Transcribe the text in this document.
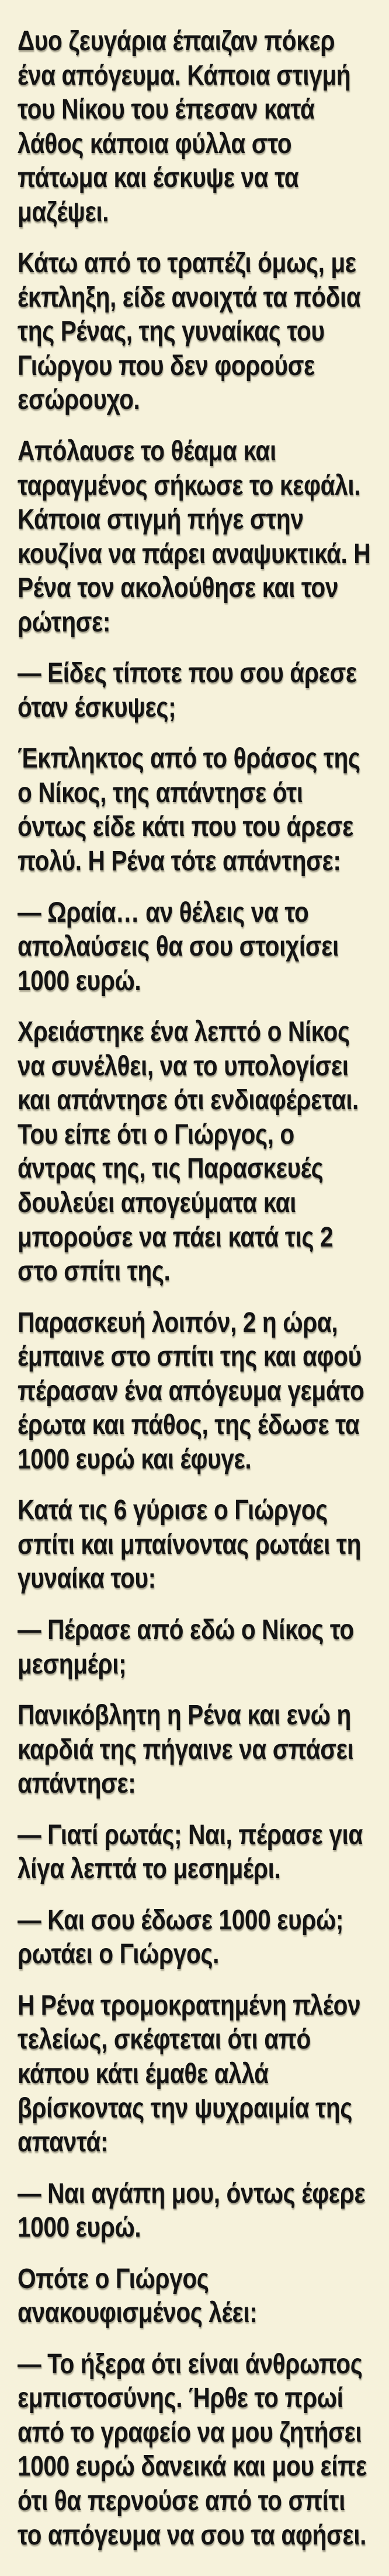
Δυο ζευγάρια έπαιζαν πόκερ ένα απόγευμα. Κάποια στιγμή του Νίκου του έπεσαν κατά λάθος κάποια φύλλα στο πάτωμα και έσκυψε να τα μαζέψει.

Κάτω από το τραπέζι όμως, με έκπληξη, είδε ανοιχτά τα πόδια της Ρένας, της γυναίκας του Γιώργου που δεν φορούσε εσώρουχο.

Απόλαυσε το θέαμα και ταραγμένος σήκωσε το κεφάλι. Κάποια στιγμή πήγε στην κουζίνα να πάρει αναψυκτικά. Η Ρένα τον ακολούθησε και τον ρώτησε:

— Είδες τίποτε που σου άρεσε όταν έσκυψες;

Έκπληκτος από το θράσος της ο Νίκος, της απάντησε ότι όντως είδε κάτι που του άρεσε πολύ. Η Ρένα τότε απάντησε:

— Ωραία… αν θέλεις να το απολαύσεις θα σου στοιχίσει 1000 ευρώ.

Χρειάστηκε ένα λεπτό ο Νίκος να συνέλθει, να το υπολογίσει και απάντησε ότι ενδιαφέρεται. Του είπε ότι ο Γιώργος, ο άντρας της, τις Παρασκευές δουλεύει απογεύματα και μπορούσε να πάει κατά τις 2 στο σπίτι της.

Παρασκευή λοιπόν, 2 η ώρα, έμπαινε στο σπίτι της και αφού πέρασαν ένα απόγευμα γεμάτο έρωτα και πάθος, της έδωσε τα 1000 ευρώ και έφυγε.

Κατά τις 6 γύρισε ο Γιώργος σπίτι και μπαίνοντας ρωτάει τη γυναίκα του:

— Πέρασε από εδώ ο Νίκος το μεσημέρι;

Πανικόβλητη η Ρένα και ενώ η καρδιά της πήγαινε να σπάσει απάντησε:

— Γιατί ρωτάς; Ναι, πέρασε για λίγα λεπτά το μεσημέρι.

— Και σου έδωσε 1000 ευρώ; ρωτάει ο Γιώργος.

Η Ρένα τρομοκρατημένη πλέον τελείως, σκέφτεται ότι από κάπου κάτι έμαθε αλλά βρίσκοντας την ψυχραιμία της απαντά:

— Ναι αγάπη μου, όντως έφερε 1000 ευρώ.

Οπότε ο Γιώργος ανακουφισμένος λέει:

— Το ήξερα ότι είναι άνθρωπος εμπιστοσύνης. Ήρθε το πρωί από το γραφείο να μου ζητήσει 1000 ευρώ δανεικά και μου είπε ότι θα περνούσε από το σπίτι το απόγευμα να σου τα αφήσει.
